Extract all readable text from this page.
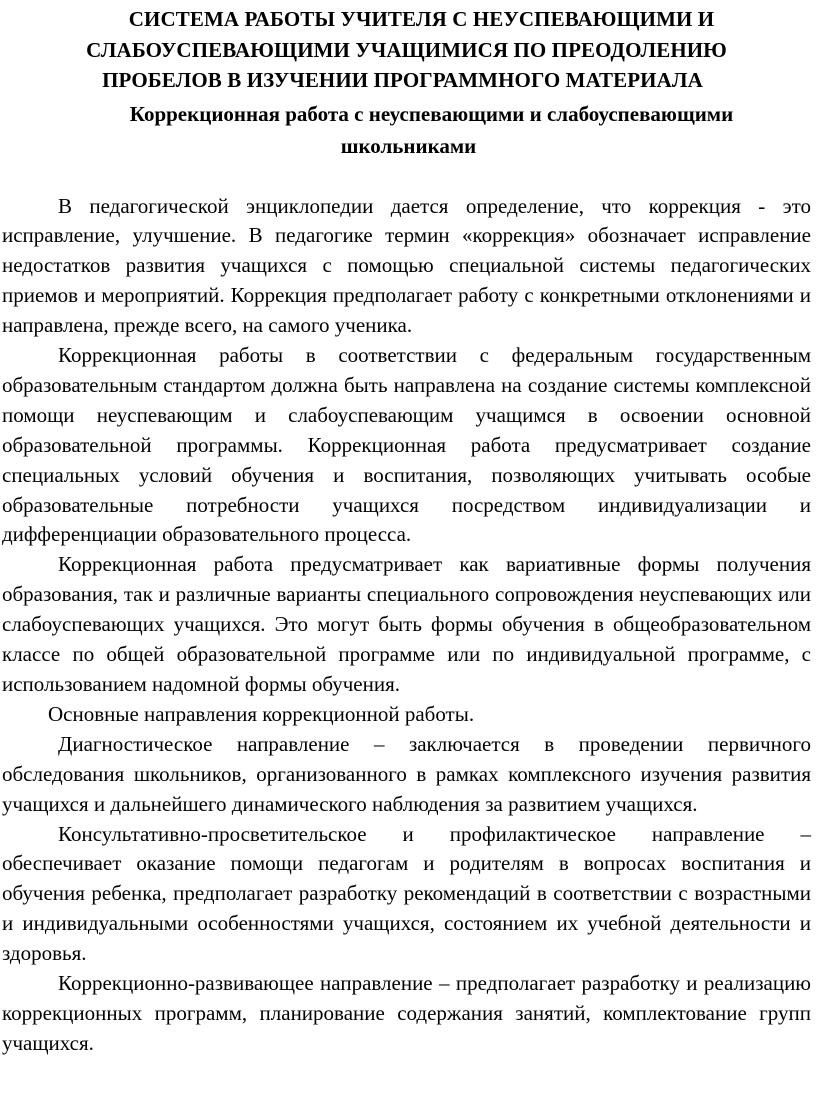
СИСТЕМА РАБОТЫ УЧИТЕЛЯ С НЕУСПЕВАЮЩИМИ И
СЛАБОУСПЕВАЮЩИМИ УЧАЩИМИСЯ ПО ПРЕОДОЛЕНИЮ
ПРОБЕЛОВ В ИЗУЧЕНИИ ПРОГРАММНОГО МАТЕРИАЛА
Коррекционная работа с неуспевающими и слабоуспевающими
школьниками

В педагогической энциклопедии дается определение, что коррекция - это исправление, улучшение. В педагогике термин «коррекция» обозначает исправление недостатков развития учащихся с помощью специальной системы педагогических приемов и мероприятий. Коррекция предполагает работу с конкретными отклонениями и направлена, прежде всего, на самого ученика.

Коррекционная работы в соответствии с федеральным государственным образовательным стандартом должна быть направлена на создание системы комплексной помощи неуспевающим и слабоуспевающим учащимся в освоении основной образовательной программы. Коррекционная работа предусматривает создание специальных условий обучения и воспитания, позволяющих учитывать особые образовательные потребности учащихся посредством индивидуализации и дифференциации образовательного процесса.

Коррекционная работа предусматривает как вариативные формы получения образования, так и различные варианты специального сопровождения неуспевающих или слабоуспевающих учащихся. Это могут быть формы обучения в общеобразовательном классе по общей образовательной программе или по индивидуальной программе, с использованием надомной формы обучения.

Основные направления коррекционной работы.

Диагностическое направление – заключается в проведении первичного обследования школьников, организованного в рамках комплексного изучения развития учащихся и дальнейшего динамического наблюдения за развитием учащихся.

Консультативно-просветительское и профилактическое направление – обеспечивает оказание помощи педагогам и родителям в вопросах воспитания и обучения ребенка, предполагает разработку рекомендаций в соответствии с возрастными и индивидуальными особенностями учащихся, состоянием их учебной деятельности и здоровья.

Коррекционно-развивающее направление – предполагает разработку и реализацию коррекционных программ, планирование содержания занятий, комплектование групп учащихся.
